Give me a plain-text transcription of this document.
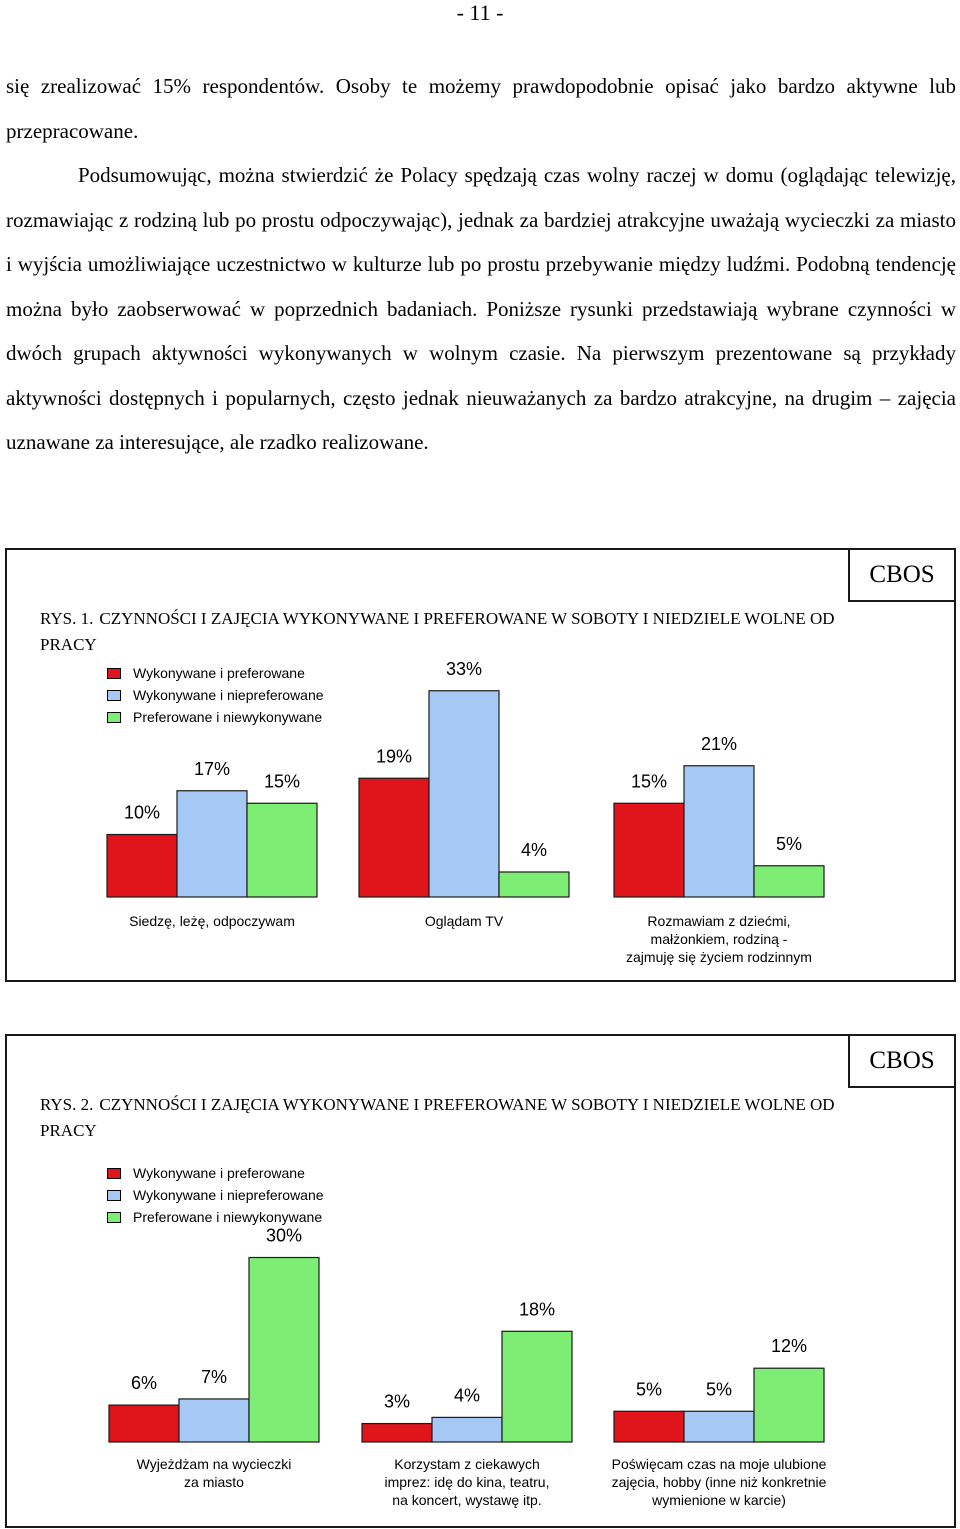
- 11 -

się zrealizować 15% respondentów. Osoby te możemy prawdopodobnie opisać jako bardzo aktywne lub przepracowane.

Podsumowując, można stwierdzić że Polacy spędzają czas wolny raczej w domu (oglądając telewizję, rozmawiając z rodziną lub po prostu odpoczywając), jednak za bardziej atrakcyjne uważają wycieczki za miasto i wyjścia umożliwiające uczestnictwo w kulturze lub po prostu przebywanie między ludźmi. Podobną tendencję można było zaobserwować w poprzednich badaniach. Poniższe rysunki przedstawiają wybrane czynności w dwóch grupach aktywności wykonywanych w wolnym czasie. Na pierwszym prezentowane są przykłady aktywności dostępnych i popularnych, często jednak nieuważanych za bardzo atrakcyjne, na drugim – zajęcia uznawane za interesujące, ale rzadko realizowane.

CBOS

RYS. 1. CZYNNOŚCI I ZAJĘCIA WYKONYWANE I PREFEROWANE W SOBOTY I NIEDZIELE WOLNE OD PRACY

Wykonywane i preferowane
Wykonywane i niepreferowane
Preferowane i niewykonywane
10%
17%
15%
Siedzę, leżę, odpoczywam
19%
33%
4%
Oglądam TV
15%
21%
5%
Rozmawiam z dziećmi,
małżonkiem, rodziną -
zajmuję się życiem rodzinnym
CBOS

RYS. 2. CZYNNOŚCI I ZAJĘCIA WYKONYWANE I PREFEROWANE W SOBOTY I NIEDZIELE WOLNE OD PRACY

Wykonywane i preferowane
Wykonywane i niepreferowane
Preferowane i niewykonywane
6% 7%
30%
Wyjeżdżam na wycieczki
za miasto
3% 4%
18%
Korzystam z ciekawych
imprez: idę do kina, teatru,
na koncert, wystawę itp.
5% 5%
12%
Poświęcam czas na moje ulubione
zajęcia, hobby (inne niż konkretnie
wymienione w karcie)
